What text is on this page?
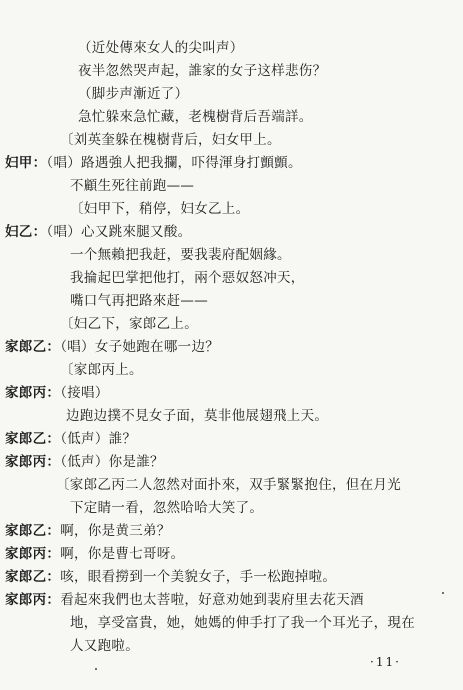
（近处傳來女人的尖叫声）
夜半忽然哭声起，誰家的女子这样悲伤？
（脚步声漸近了）
急忙躲來急忙藏，老槐樹背后吾端詳。
〔刘英奎躲在槐樹背后，妇女甲上。
妇甲：（唱）路遇強人把我攔，吓得渾身打顫顫。
不顧生死往前跑——
〔妇甲下，稍停，妇女乙上。
妇乙：（唱）心又跳來腿又酸。
一个無賴把我赶，要我裴府配姻緣。
我掄起巴掌把他打，兩个惡奴怒冲天，
嘴口气再把路來赶——
〔妇乙下，家郎乙上。
家郎乙：（唱）女子她跑在哪一边？
〔家郎丙上。
家郎丙：（接唱）
边跑边撲不見女子面，莫非他展翅飛上天。
家郎乙：（低声）誰？
家郎丙：（低声）你是誰？
〔家郎乙丙二人忽然对面扑來，双手緊緊抱住，但在月光
下定睛一看，忽然哈哈大笑了。
家郎乙：啊，你是黄三弟？
家郎丙：啊，你是曹七哥呀。
家郎乙：咳，眼看撈到一个美貌女子，手一松跑掉啦。
家郎丙：看起來我們也太菩啦，好意劝她到裴府里去花天酒
地，享受富貴，她，她媽的伸手打了我一个耳光子，現在
人又跑啦。
·11·
